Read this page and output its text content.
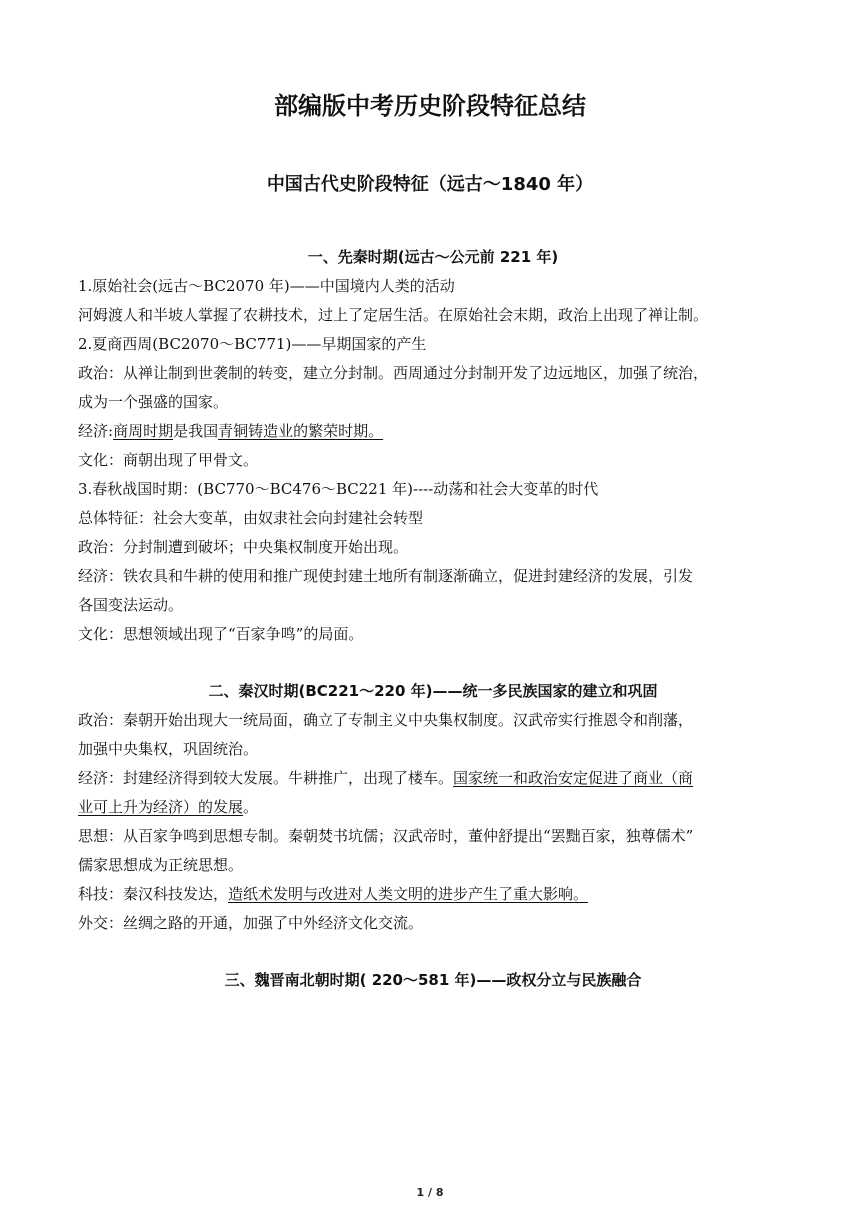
部编版中考历史阶段特征总结
中国古代史阶段特征（远古～1840 年）
一、先秦时期(远古～公元前 221 年)
1.原始社会(远古～BC2070 年)——中国境内人类的活动
河姆渡人和半坡人掌握了农耕技术，过上了定居生活。在原始社会末期，政治上出现了禅让制。
2.夏商西周(BC2070～BC771)——早期国家的产生
政治：从禅让制到世袭制的转变，建立分封制。西周通过分封制开发了边远地区，加强了统治，
成为一个强盛的国家。
经济:商周时期是我国青铜铸造业的繁荣时期。
文化：商朝出现了甲骨文。
3.春秋战国时期：(BC770～BC476～BC221 年)----动荡和社会大变革的时代
总体特征：社会大变革，由奴隶社会向封建社会转型
政治：分封制遭到破坏；中央集权制度开始出现。
经济：铁农具和牛耕的使用和推广现使封建土地所有制逐渐确立，促进封建经济的发展，引发
各国变法运动。
文化：思想领域出现了“百家争鸣”的局面。
二、秦汉时期(BC221～220 年)——统一多民族国家的建立和巩固
政治：秦朝开始出现大一统局面，确立了专制主义中央集权制度。汉武帝实行推恩令和削藩，
加强中央集权，巩固统治。
经济：封建经济得到较大发展。牛耕推广，出现了楼车。国家统一和政治安定促进了商业（商
业可上升为经济）的发展。
思想：从百家争鸣到思想专制。秦朝焚书坑儒；汉武帝时，董仲舒提出“罢黜百家，独尊儒术”
儒家思想成为正统思想。
科技：秦汉科技发达，造纸术发明与改进对人类文明的进步产生了重大影响。
外交：丝绸之路的开通，加强了中外经济文化交流。
三、魏晋南北朝时期( 220～581 年)——政权分立与民族融合
1 / 8
